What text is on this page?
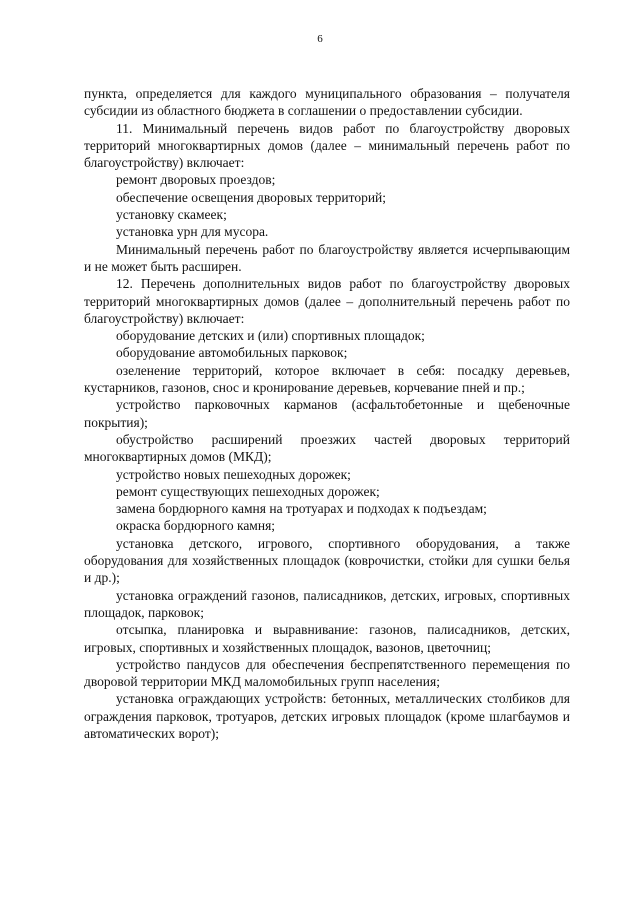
6

пункта, определяется для каждого муниципального образования – получателя субсидии из областного бюджета в соглашении о предоставлении субсидии.

11. Минимальный перечень видов работ по благоустройству дворовых территорий многоквартирных домов (далее – минимальный перечень работ по благоустройству) включает:

ремонт дворовых проездов;

обеспечение освещения дворовых территорий;

установку скамеек;

установка урн для мусора.

Минимальный перечень работ по благоустройству является исчерпывающим и не может быть расширен.

12. Перечень дополнительных видов работ по благоустройству дворовых территорий многоквартирных домов (далее – дополнительный перечень работ по благоустройству) включает:

оборудование детских и (или) спортивных площадок;

оборудование автомобильных парковок;

озеленение территорий, которое включает в себя: посадку деревьев, кустарников, газонов, снос и кронирование деревьев, корчевание пней и пр.;

устройство парковочных карманов (асфальтобетонные и щебеночные покрытия);

обустройство расширений проезжих частей дворовых территорий многоквартирных домов (МКД);

устройство новых пешеходных дорожек;

ремонт существующих пешеходных дорожек;

замена бордюрного камня на тротуарах и подходах к подъездам;

окраска бордюрного камня;

установка детского, игрового, спортивного оборудования, а также оборудования для хозяйственных площадок (коврочистки, стойки для сушки белья и др.);

установка ограждений газонов, палисадников, детских, игровых, спортивных площадок, парковок;

отсыпка, планировка и выравнивание: газонов, палисадников, детских, игровых, спортивных и хозяйственных площадок, вазонов, цветочниц;

устройство пандусов для обеспечения беспрепятственного перемещения по дворовой территории МКД маломобильных групп населения;

установка ограждающих устройств: бетонных, металлических столбиков для ограждения парковок, тротуаров, детских игровых площадок (кроме шлагбаумов и автоматических ворот);
